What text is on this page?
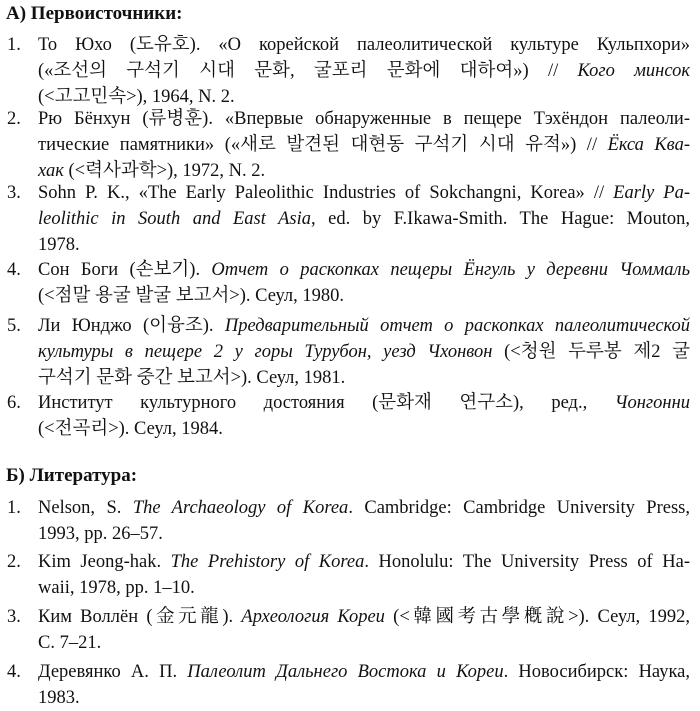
А) Первоисточники:
1. То Юхо (도유호). «О корейской палеолитической культуре Кульпхори»
(«조선의 구석기 시대 문화, 굴포리 문화에 대하여») // Кого минсок
(<고고민속>), 1964, N. 2.
2. Рю Бёнхун (류병훈). «Впервые обнаруженные в пещере Тэхёндон палеоли-
тические памятники» («새로 발견된 대현동 구석기 시대 유적») // Ёкса Ква-
хак (<력사과학>), 1972, N. 2.
3. Sohn P. K., «The Early Paleolithic Industries of Sokchangni, Korea» // Early Pa-
leolithic in South and East Asia, ed. by F.Ikawa-Smith. The Hague: Mouton,
1978.
4. Сон Боги (손보기). Отчет о раскопках пещеры Ёнгуль у деревни Чоммаль
(<점말 용굴 발굴 보고서>). Сеул, 1980.
5. Ли Юнджо (이융조). Предварительный отчет о раскопках палеолитической
культуры в пещере 2 у горы Турубон, уезд Чхонвон (<청원 두루봉 제2 굴
구석기 문화 중간 보고서>). Сеул, 1981.
6. Институт культурного достояния (문화재 연구소), ред., Чонгонни
(<전곡리>). Сеул, 1984.
Б) Литература:
1. Nelson, S. The Archaeology of Korea. Cambridge: Cambridge University Press,
1993, pp. 26–57.
2. Kim Jeong-hak. The Prehistory of Korea. Honolulu: The University Press of Ha-
waii, 1978, pp. 1–10.
3. Ким Воллён (金元龍). Археология Кореи (<韓國考古學槪說>). Сеул, 1992,
С. 7–21.
4. Деревянко А. П. Палеолит Дальнего Востока и Кореи. Новосибирск: Наука,
1983.
